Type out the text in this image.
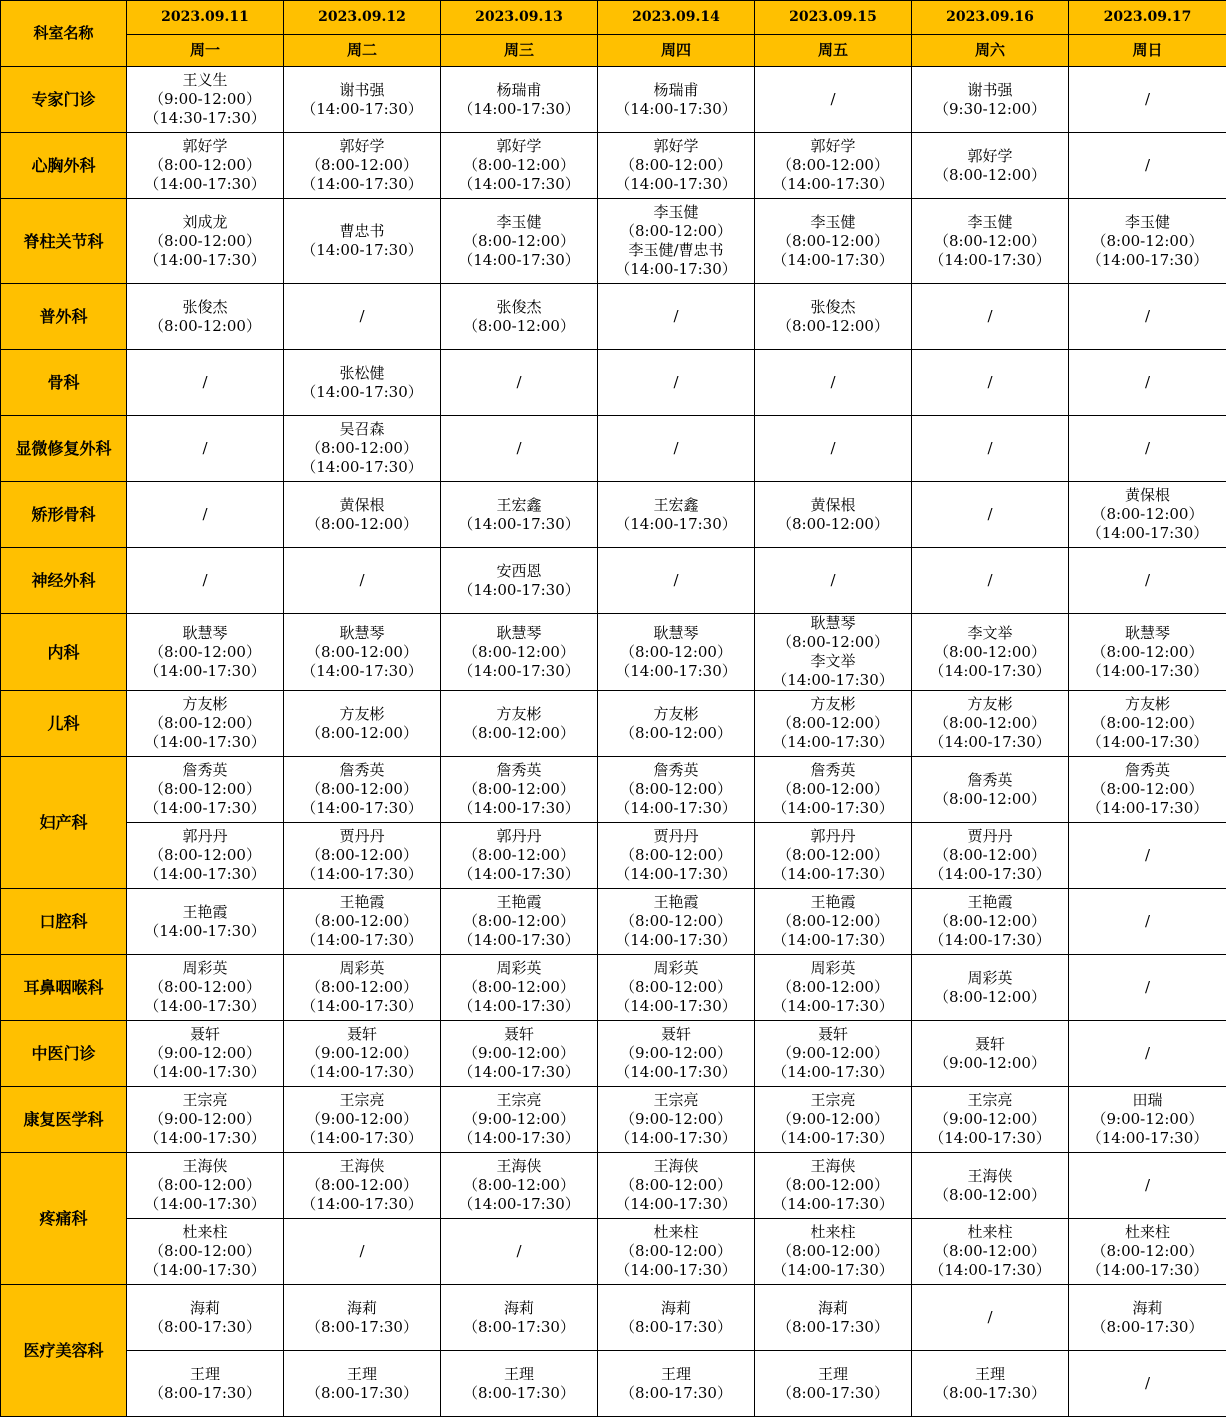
科室名称	2023.09.11	2023.09.12	2023.09.13	2023.09.14	2023.09.15	2023.09.16	2023.09.17
	周一	周二	周三	周四	周五	周六	周日
专家门诊	王义生
（9:00-12:00）
（14:30-17:30）	谢书强
（14:00-17:30）	杨瑞甫
（14:00-17:30）	杨瑞甫
（14:00-17:30）	/	谢书强
（9:30-12:00）	/

心胸外科	郭好学
（8:00-12:00）
（14:00-17:30）	郭好学
（8:00-12:00）
（14:00-17:30）	郭好学
（8:00-12:00）
（14:00-17:30）	郭好学
（8:00-12:00）
（14:00-17:30）	郭好学
（8:00-12:00）
（14:00-17:30）	郭好学
（8:00-12:00）	/

脊柱关节科	刘成龙
（8:00-12:00）
（14:00-17:30）	曹忠书
（14:00-17:30）	李玉健
（8:00-12:00）
（14:00-17:30）	李玉健
（8:00-12:00）
李玉健/曹忠书
（14:00-17:30）	李玉健
（8:00-12:00）
（14:00-17:30）	李玉健
（8:00-12:00）
（14:00-17:30）	李玉健
（8:00-12:00）
（14:00-17:30）

普外科	张俊杰
（8:00-12:00）	/	张俊杰
（8:00-12:00）	/	张俊杰
（8:00-12:00）	/	/

骨科	/	张松健
（14:00-17:30）	/	/	/	/	/

显微修复外科	/	吴召森
（8:00-12:00）
（14:00-17:30）	/	/	/	/	/

矫形骨科	/	黄保根
（8:00-12:00）	王宏鑫
（14:00-17:30）	王宏鑫
（14:00-17:30）	黄保根
（8:00-12:00）	/	黄保根
（8:00-12:00）
（14:00-17:30）

神经外科	/	/	安西恩
（14:00-17:30）	/	/	/	/

内科	耿慧琴
（8:00-12:00）
（14:00-17:30）	耿慧琴
（8:00-12:00）
（14:00-17:30）	耿慧琴
（8:00-12:00）
（14:00-17:30）	耿慧琴
（8:00-12:00）
（14:00-17:30）	耿慧琴
（8:00-12:00）
李文举
（14:00-17:30）	李文举
（8:00-12:00）
（14:00-17:30）	耿慧琴
（8:00-12:00）
（14:00-17:30）

儿科	方友彬
（8:00-12:00）
（14:00-17:30）	方友彬
（8:00-12:00）	方友彬
（8:00-12:00）	方友彬
（8:00-12:00）	方友彬
（8:00-12:00）
（14:00-17:30）	方友彬
（8:00-12:00）
（14:00-17:30）	方友彬
（8:00-12:00）
（14:00-17:30）

妇产科	詹秀英
（8:00-12:00）
（14:00-17:30）	詹秀英
（8:00-12:00）
（14:00-17:30）	詹秀英
（8:00-12:00）
（14:00-17:30）	詹秀英
（8:00-12:00）
（14:00-17:30）	詹秀英
（8:00-12:00）
（14:00-17:30）	詹秀英
（8:00-12:00）	詹秀英
（8:00-12:00）
（14:00-17:30）

	郭丹丹
（8:00-12:00）
（14:00-17:30）	贾丹丹
（8:00-12:00）
（14:00-17:30）	郭丹丹
（8:00-12:00）
（14:00-17:30）	贾丹丹
（8:00-12:00）
（14:00-17:30）	郭丹丹
（8:00-12:00）
（14:00-17:30）	贾丹丹
（8:00-12:00）
（14:00-17:30）	/

口腔科	王艳霞
（14:00-17:30）	王艳霞
（8:00-12:00）
（14:00-17:30）	王艳霞
（8:00-12:00）
（14:00-17:30）	王艳霞
（8:00-12:00）
（14:00-17:30）	王艳霞
（8:00-12:00）
（14:00-17:30）	王艳霞
（8:00-12:00）
（14:00-17:30）	/

耳鼻咽喉科	周彩英
（8:00-12:00）
（14:00-17:30）	周彩英
（8:00-12:00）
（14:00-17:30）	周彩英
（8:00-12:00）
（14:00-17:30）	周彩英
（8:00-12:00）
（14:00-17:30）	周彩英
（8:00-12:00）
（14:00-17:30）	周彩英
（8:00-12:00）	/

中医门诊	聂轩
（9:00-12:00）
（14:00-17:30）	聂轩
（9:00-12:00）
（14:00-17:30）	聂轩
（9:00-12:00）
（14:00-17:30）	聂轩
（9:00-12:00）
（14:00-17:30）	聂轩
（9:00-12:00）
（14:00-17:30）	聂轩
（9:00-12:00）	/

康复医学科	王宗亮
（9:00-12:00）
（14:00-17:30）	王宗亮
（9:00-12:00）
（14:00-17:30）	王宗亮
（9:00-12:00）
（14:00-17:30）	王宗亮
（9:00-12:00）
（14:00-17:30）	王宗亮
（9:00-12:00）
（14:00-17:30）	王宗亮
（9:00-12:00）
（14:00-17:30）	田瑞
（9:00-12:00）
（14:00-17:30）

疼痛科	王海侠
（8:00-12:00）
（14:00-17:30）	王海侠
（8:00-12:00）
（14:00-17:30）	王海侠
（8:00-12:00）
（14:00-17:30）	王海侠
（8:00-12:00）
（14:00-17:30）	王海侠
（8:00-12:00）
（14:00-17:30）	王海侠
（8:00-12:00）	/

	杜来柱
（8:00-12:00）
（14:00-17:30）	/	/	杜来柱
（8:00-12:00）
（14:00-17:30）	杜来柱
（8:00-12:00）
（14:00-17:30）	杜来柱
（8:00-12:00）
（14:00-17:30）	杜来柱
（8:00-12:00）
（14:00-17:30）

医疗美容科	海莉
（8:00-17:30）	海莉
（8:00-17:30）	海莉
（8:00-17:30）	海莉
（8:00-17:30）	海莉
（8:00-17:30）	/	海莉
（8:00-17:30）

	王理
（8:00-17:30）	王理
（8:00-17:30）	王理
（8:00-17:30）	王理
（8:00-17:30）	王理
（8:00-17:30）	王理
（8:00-17:30）	/
